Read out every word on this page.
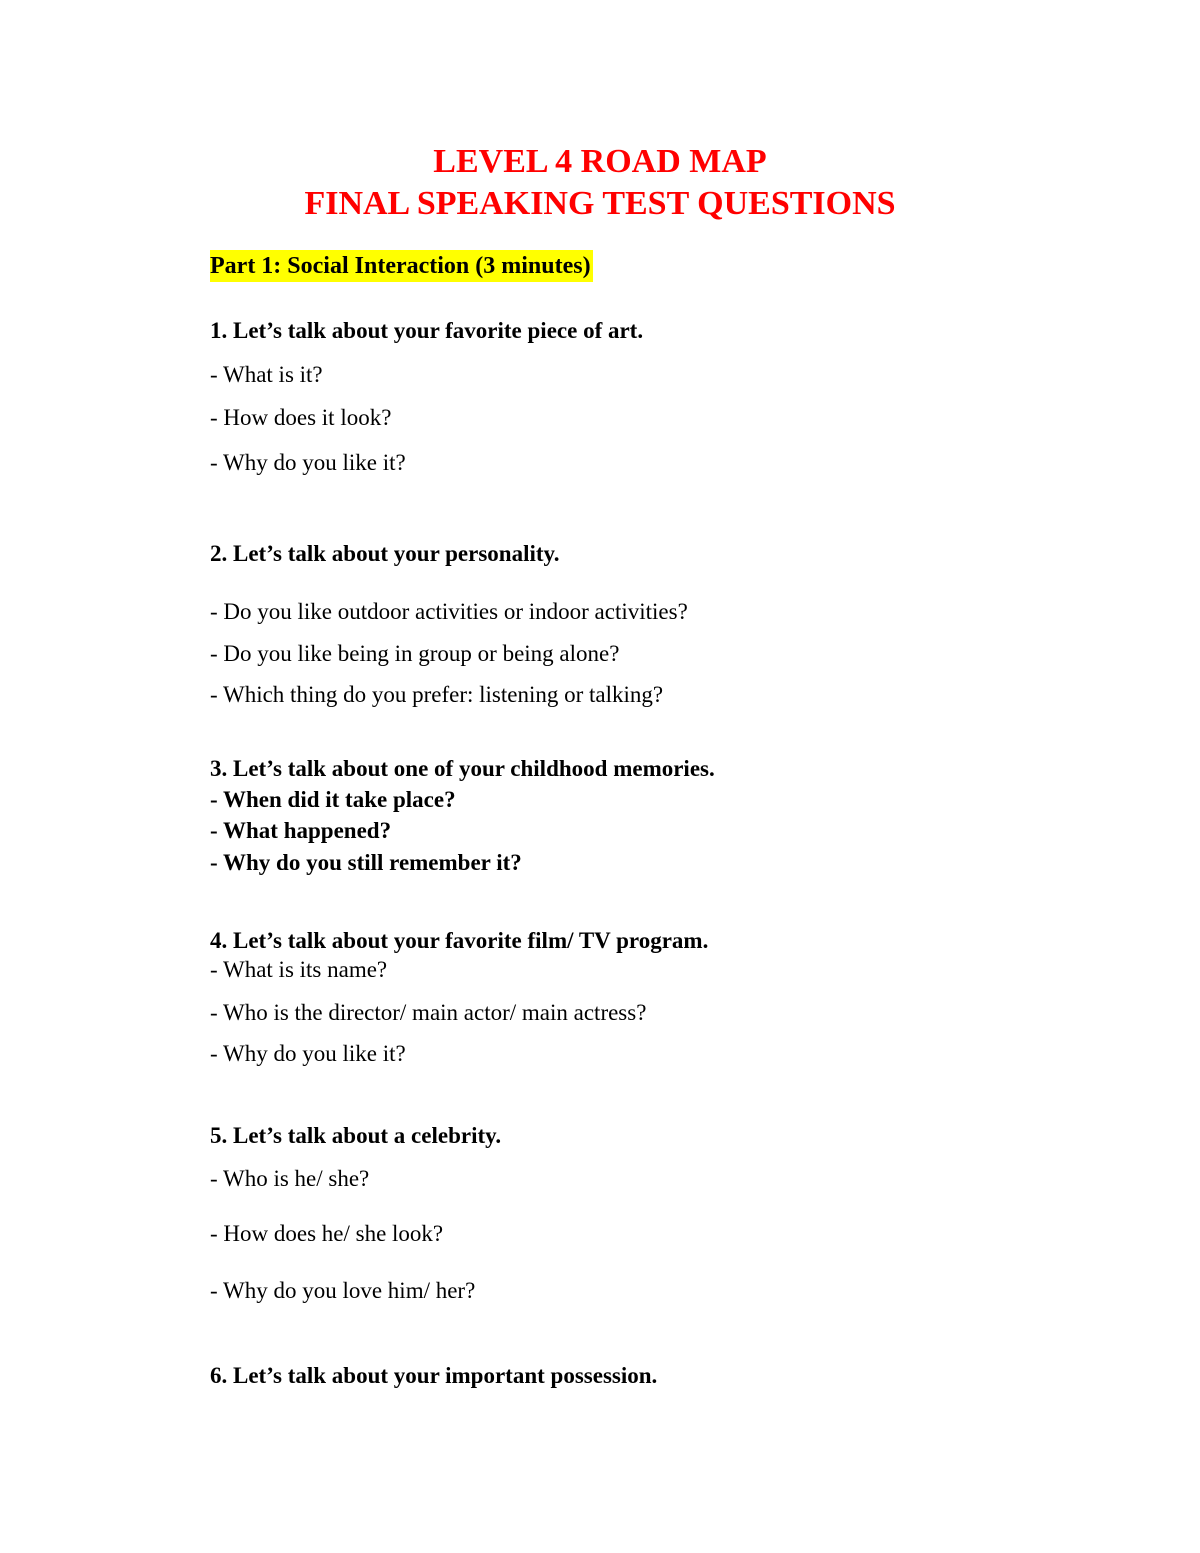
LEVEL 4 ROAD MAP
FINAL SPEAKING TEST QUESTIONS
Part 1: Social Interaction (3 minutes)

1. Let’s talk about your favorite piece of art.

- What is it?

- How does it look?

- Why do you like it?

2. Let’s talk about your personality.

- Do you like outdoor activities or indoor activities?

- Do you like being in group or being alone?

- Which thing do you prefer: listening or talking?

3. Let’s talk about one of your childhood memories.

- When did it take place?

- What happened?

- Why do you still remember it?

4. Let’s talk about your favorite film/ TV program.

- What is its name?

- Who is the director/ main actor/ main actress?

- Why do you like it?

5. Let’s talk about a celebrity.

- Who is he/ she?

- How does he/ she look?

- Why do you love him/ her?

6. Let’s talk about your important possession.
